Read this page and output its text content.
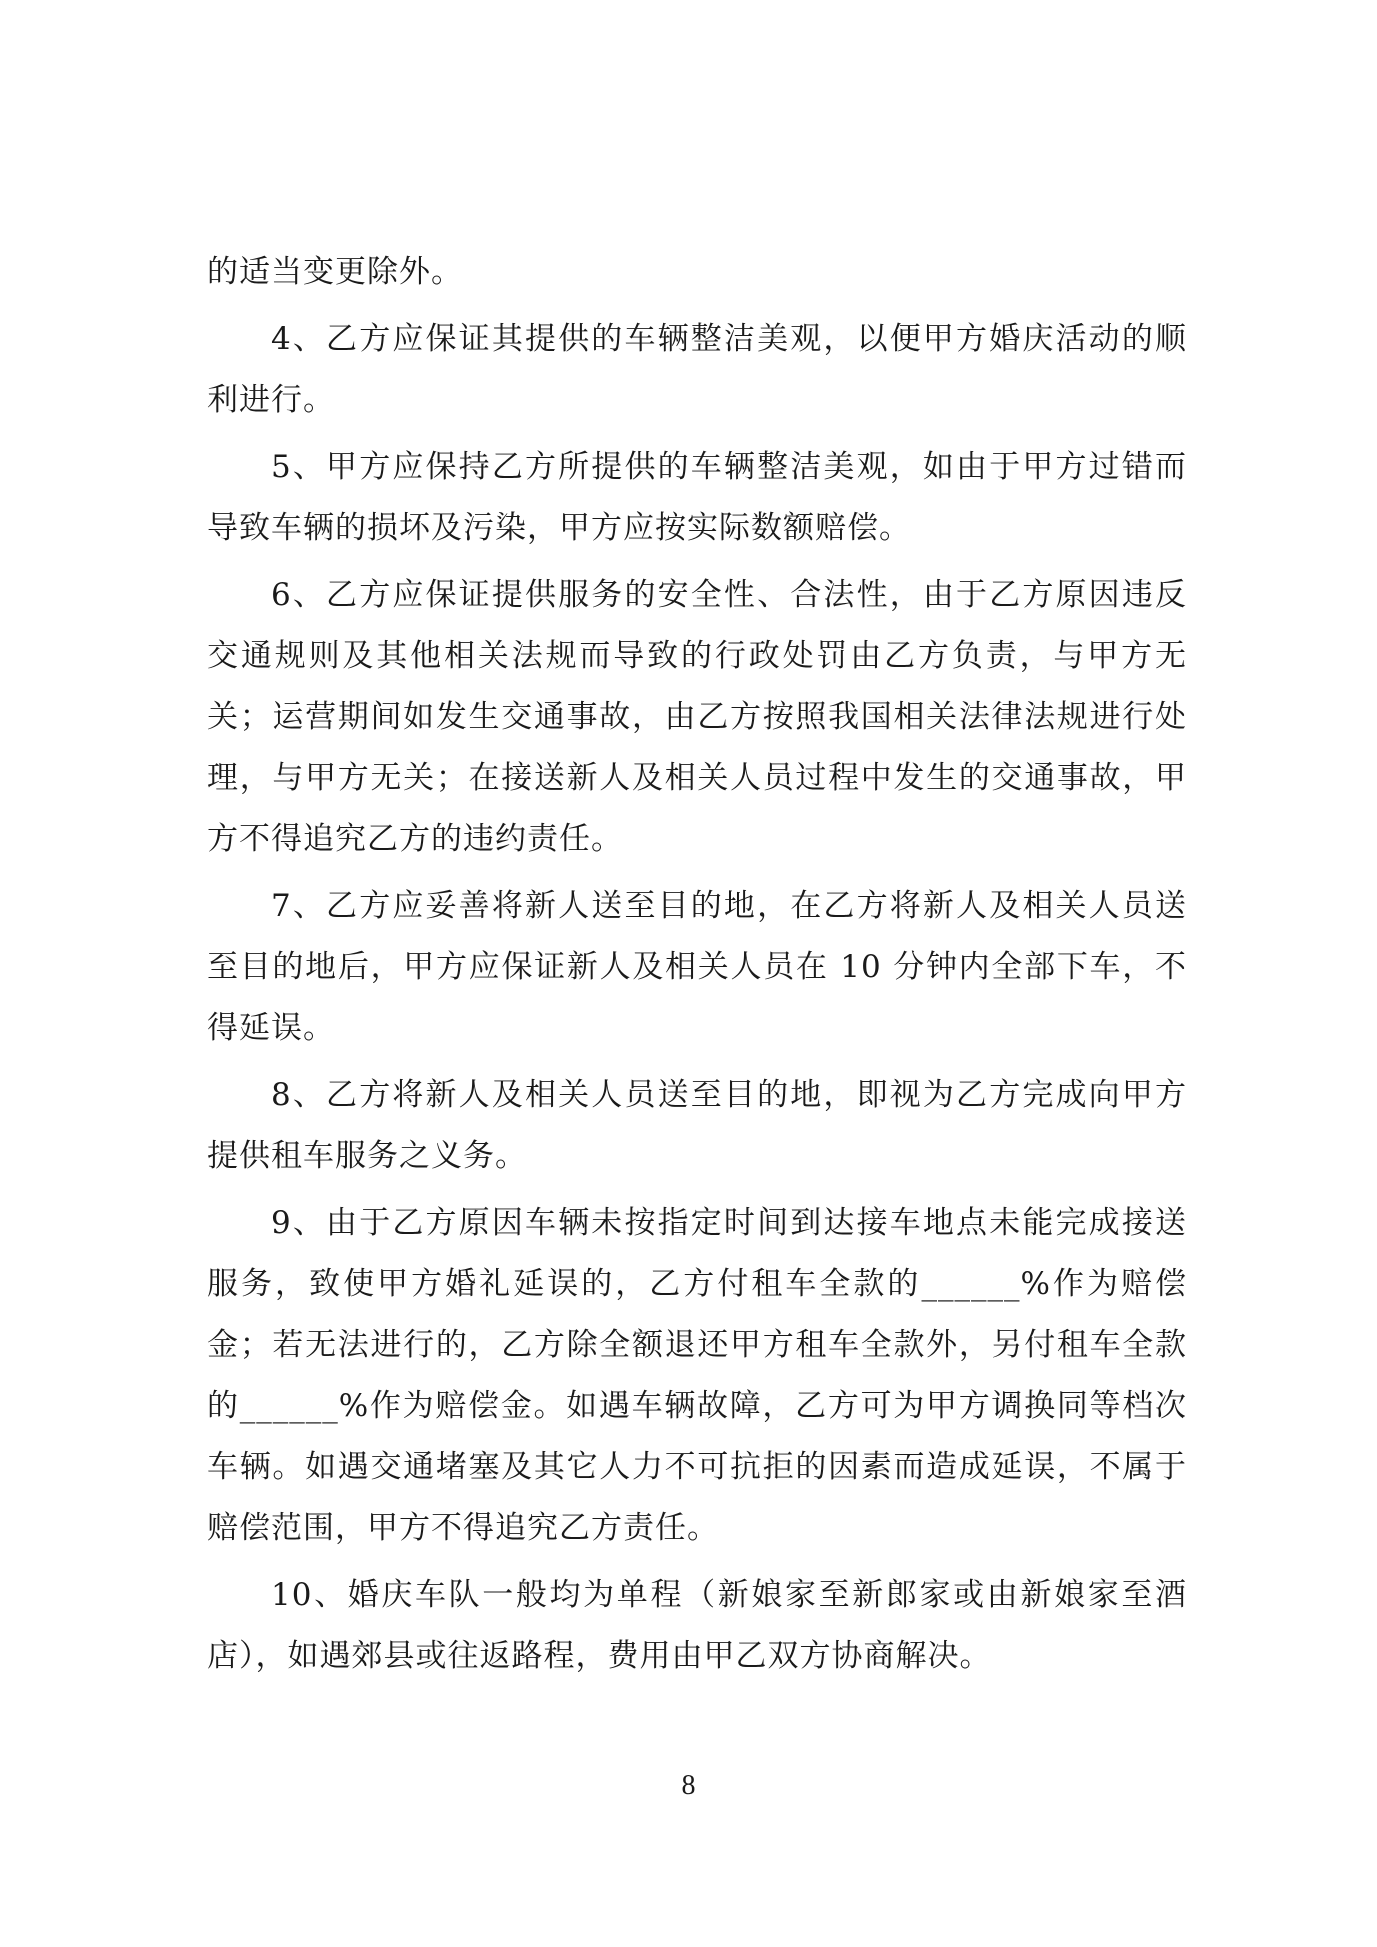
的适当变更除外。

4、乙方应保证其提供的车辆整洁美观，以便甲方婚庆活动的顺利进行。

5、甲方应保持乙方所提供的车辆整洁美观，如由于甲方过错而导致车辆的损坏及污染，甲方应按实际数额赔偿。

6、乙方应保证提供服务的安全性、合法性，由于乙方原因违反交通规则及其他相关法规而导致的行政处罚由乙方负责，与甲方无关；运营期间如发生交通事故，由乙方按照我国相关法律法规进行处理，与甲方无关；在接送新人及相关人员过程中发生的交通事故，甲方不得追究乙方的违约责任。

7、乙方应妥善将新人送至目的地，在乙方将新人及相关人员送至目的地后，甲方应保证新人及相关人员在 10 分钟内全部下车，不得延误。

8、乙方将新人及相关人员送至目的地，即视为乙方完成向甲方提供租车服务之义务。

9、由于乙方原因车辆未按指定时间到达接车地点未能完成接送服务，致使甲方婚礼延误的，乙方付租车全款的______%作为赔偿金；若无法进行的，乙方除全额退还甲方租车全款外，另付租车全款的______%作为赔偿金。如遇车辆故障，乙方可为甲方调换同等档次车辆。如遇交通堵塞及其它人力不可抗拒的因素而造成延误，不属于赔偿范围，甲方不得追究乙方责任。

10、婚庆车队一般均为单程（新娘家至新郎家或由新娘家至酒店），如遇郊县或往返路程，费用由甲乙双方协商解决。

8
